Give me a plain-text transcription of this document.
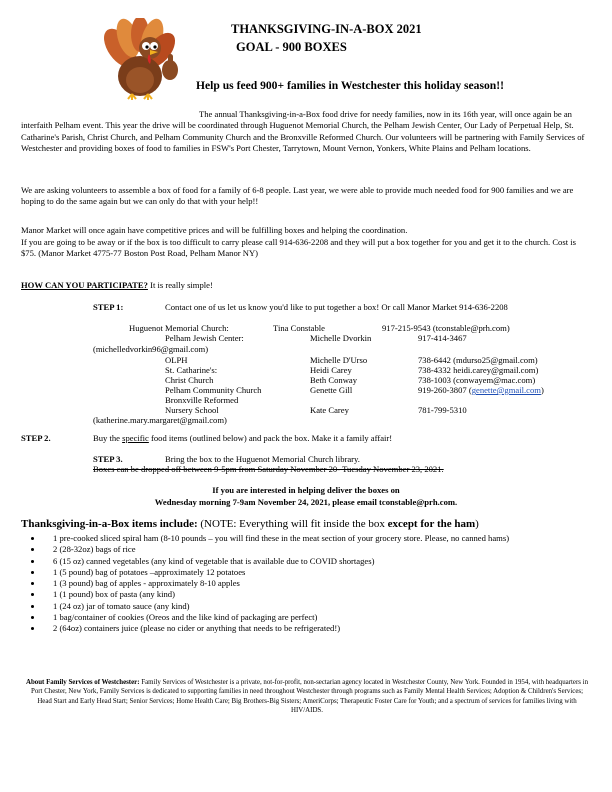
THANKSGIVING-IN-A-BOX 2021
GOAL - 900 BOXES
Help us feed 900+ families in Westchester this holiday season!!
The annual Thanksgiving-in-a-Box food drive for needy families, now in its 16th year, will once again be an interfaith Pelham event. This year the drive will be coordinated through Huguenot Memorial Church, the Pelham Jewish Center, Our Lady of Perpetual Help, St. Catharine's Parish, Christ Church, and Pelham Community Church and the Bronxville Reformed Church. Our volunteers will be partnering with Family Services of Westchester and providing boxes of food to families in FSW's Port Chester, Tarrytown, Mount Vernon, Yonkers, White Plains and Pelham locations.
We are asking volunteers to assemble a box of food for a family of 6-8 people. Last year, we were able to provide much needed food for 900 families and we are hoping to do the same again but we can only do that with your help!!
Manor Market will once again have competitive prices and will be fulfilling boxes and helping the coordination.
If you are going to be away or if the box is too difficult to carry please call 914-636-2208 and they will put a box together for you and get it to the church. Cost is $75. (Manor Market 4775-77 Boston Post Road, Pelham Manor NY)
HOW CAN YOU PARTICIPATE? It is really simple!
STEP 1:	Contact one of us let us know you'd like to put together a box! Or call Manor Market 914-636-2208
Huguenot Memorial Church:	Tina Constable	917-215-9543 (tconstable@prh.com)
Pelham Jewish Center:	Michelle Dvorkin	917-414-3467
(michelledvorkin96@gmail.com)
OLPH	Michelle D'Urso	738-6442 (mdurso25@gmail.com)
St. Catharine's:	Heidi Carey	738-4332 heidi.carey@gmail.com)
Christ Church	Beth Conway	738-1003 (conwayem@mac.com)
Pelham Community Church	Genette Gill	919-260-3807 (genette@gmail.com)
Bronxville Reformed
Nursery School	Kate Carey	781-799-5310
(katherine.mary.margaret@gmail.com)
STEP 2.	Buy the specific food items (outlined below) and pack the box. Make it a family affair!
STEP 3.	Bring the box to the Huguenot Memorial Church library.
Boxes can be dropped off between 9-5pm from Saturday November 20- Tuesday November 23, 2021.
If you are interested in helping deliver the boxes on
Wednesday morning 7-9am November 24, 2021, please email tconstable@prh.com.
Thanksgiving-in-a-Box items include: (NOTE: Everything will fit inside the box except for the ham)
• 1 pre-cooked sliced spiral ham (8-10 pounds – you will find these in the meat section of your grocery store. Please, no canned hams)
• 2 (28-32oz) bags of rice
• 6 (15 oz) canned vegetables (any kind of vegetable that is available due to COVID shortages)
• 1 (5 pound) bag of potatoes –approximately 12 potatoes
• 1 (3 pound) bag of apples - approximately 8-10 apples
• 1 (1 pound) box of pasta (any kind)
• 1 (24 oz) jar of tomato sauce (any kind)
• 1 bag/container of cookies (Oreos and the like kind of packaging are perfect)
• 2 (64oz) containers juice (please no cider or anything that needs to be refrigerated!)
About Family Services of Westchester: Family Services of Westchester is a private, not-for-profit, non-sectarian agency located in Westchester County, New York. Founded in 1954, with headquarters in Port Chester, New York, Family Services is dedicated to supporting families in need throughout Westchester through programs such as Family Mental Health Services; Adoption & Children's Services; Head Start and Early Head Start; Senior Services; Home Health Care; Big Brothers-Big Sisters; AmeriCorps; Therapeutic Foster Care for Youth; and a spectrum of services for families living with HIV/AIDS.
